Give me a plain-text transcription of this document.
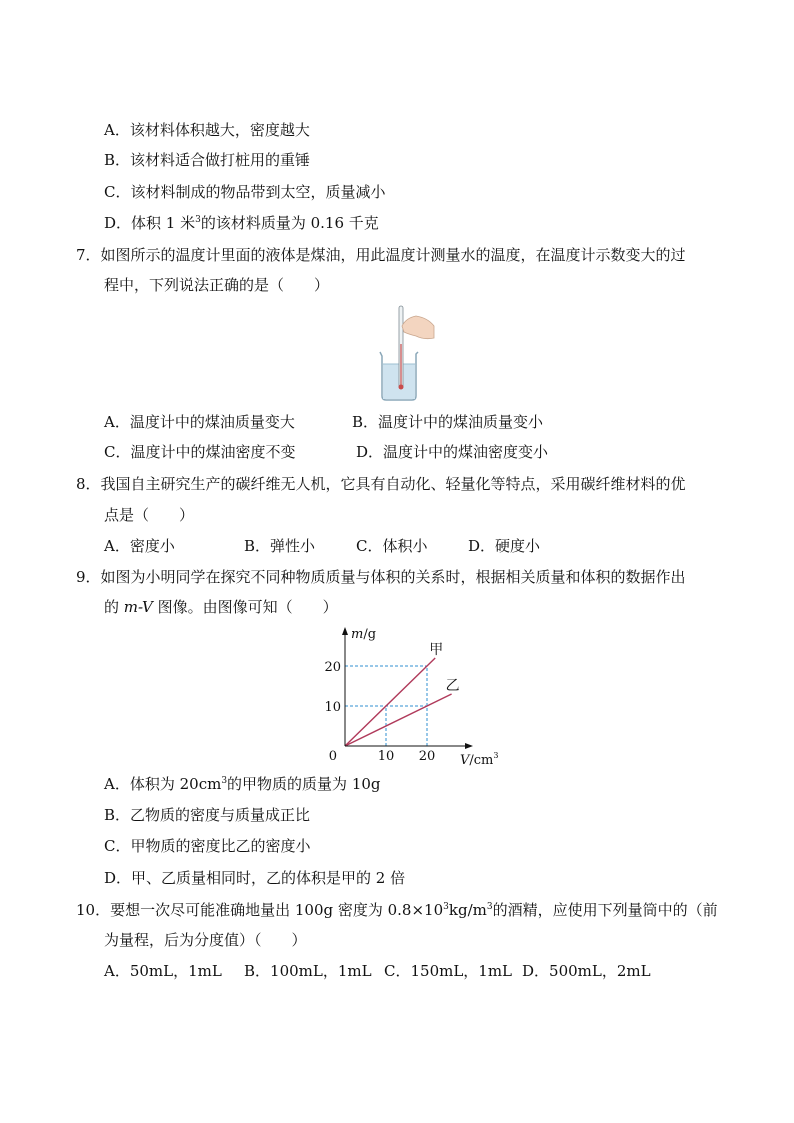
A．该材料体积越大，密度越大
B．该材料适合做打桩用的重锤
C．该材料制成的物品带到太空，质量减小
D．体积 1 米$^3$的该材料质量为 0.16 千克
7．如图所示的温度计里面的液体是煤油，用此温度计测量水的温度，在温度计示数变大的过
程中，下列说法正确的是（　　）
A．温度计中的煤油质量变大	B．温度计中的煤油质量变小
C．温度计中的煤油密度不变	D．温度计中的煤油密度变小
8．我国自主研究生产的碳纤维无人机，它具有自动化、轻量化等特点，采用碳纤维材料的优
点是（　　）
A．密度小	B．弹性小	C．体积小	D．硬度小
9．如图为小明同学在探究不同种物质质量与体积的关系时，根据相关质量和体积的数据作出
的 m-V 图像。由图像可知（　　）
甲
乙
10 20
10
20
0
m/g
$V/cm^3$
A．体积为 $20cm^3$的甲物质的质量为 10g
B．乙物质的密度与质量成正比
C．甲物质的密度比乙的密度小
D．甲、乙质量相同时，乙的体积是甲的 2 倍
10．要想一次尽可能准确地量出 100g 密度为 $0.8\times 10^3kg/m^3$的酒精，应使用下列量筒中的（前
为量程，后为分度值）（　　）
A．50mL，1mL B．100mL，1mL C．150mL，1mL D．500mL，2mL
